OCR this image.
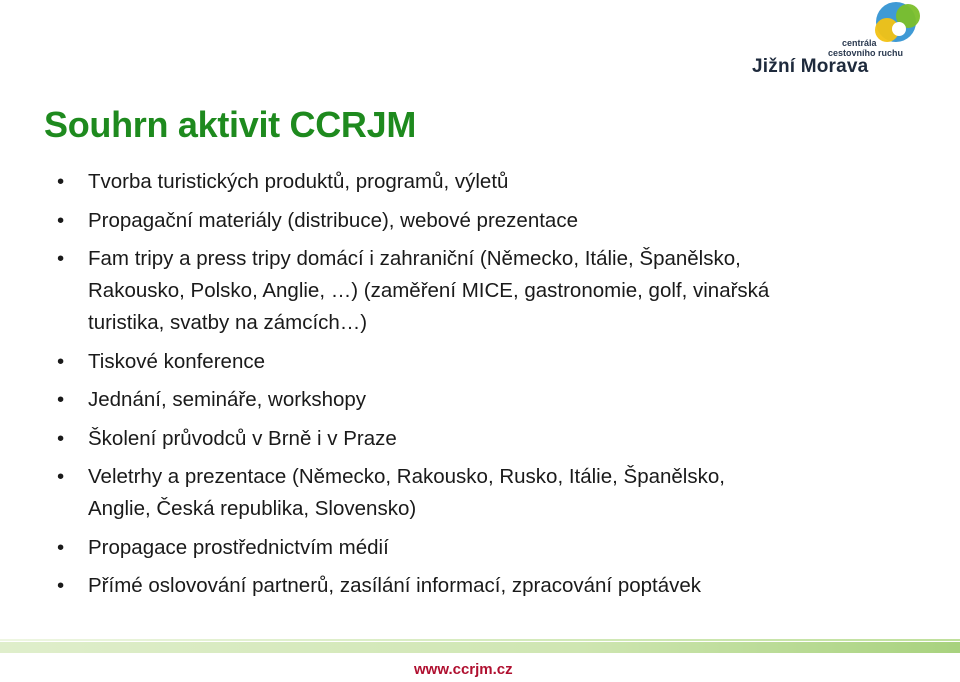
centrála
cestovního ruchu
Jižní Morava
Souhrn aktivit CCRJM
• Tvorba turistických produktů, programů, výletů
• Propagační materiály (distribuce), webové prezentace
• Fam tripy a press tripy domácí i zahraniční (Německo, Itálie, Španělsko,
Rakousko, Polsko, Anglie, …) (zaměření MICE, gastronomie, golf, vinařská
turistika, svatby na zámcích…)
• Tiskové konference
• Jednání, semináře, workshopy
• Školení průvodců v Brně i v Praze
• Veletrhy a prezentace (Německo, Rakousko, Rusko, Itálie, Španělsko,
Anglie, Česká republika, Slovensko)
• Propagace prostřednictvím médií
• Přímé oslovování partnerů, zasílání informací, zpracování poptávek
www.ccrjm.cz
